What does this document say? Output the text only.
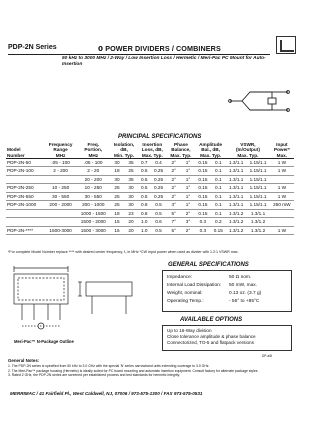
PDP-2N Series	0 POWER DIVIDERS / COMBINERS
50 kHz to 3000 MHz / 2-Way / Low Insertion Loss / Hermetic / Meri-Pac PC Mount for Auto-Insertion
PRINCIPAL SPECIFICATIONS
Model
Number	Frequency
Range
MHz	Freq.
Portion,
MHz	Isolation,
dB,
Min. Typ.		Insertion
Loss, dB,
Max. Typ.		Phase
Balance,
Max. Typ.		Amplitude
Bal., dB,
Max. Typ.		VSWR,
(In/Output)
Max. Typ.		Input
Power*
Max.
PDP-2N-50	.05 - 100	.05 - 100	30	35	0.7	0.4	2°	1°	0.15	0.1	1.3/1.1	1.15/1.1	1 W
PDP-2N-100	2 - 200	2 - 20	18	25	0.5	0.25	2°	1°	0.15	0.1	1.3/1.1	1.15/1.1	1 W
		20 - 200	30	35	0.5	0.25	2°	1°	0.15	0.1	1.3/1.1	1.15/1.1	
PDP-2N-250	10 - 250	10 - 250	25	30	0.5	0.25	2°	1°	0.15	0.1	1.3/1.1	1.15/1.1	1 W
PDP-2N-550	30 - 550	30 - 550	25	30	0.5	0.25	2°	1°	0.15	0.1	1.3/1.1	1.15/1.1	1 W
PDP-2N-1000	200 - 2000	200 - 1000	25	30	0.8	0.5	3°	1°	0.15	0.1	1.3/1.1	1.15/1.1	250 mW
		1000 - 1500	18	23	0.8	0.5	5°	2°	0.15	0.1	1.3/1.2	1.3/1.1	
		1500 - 2000	15	20	1.0	0.6	7°	3°	0.3	0.2	1.3/1.2	1.3/1.2	
PDP-2N-****	1500-3000	1500 - 3000	15	20	1.0	0.5	5°	2°	0.3	0.15	1.3/1.2	1.3/1.2	1 W
*For complete Model Number replace **** with desired center frequency, f₀ in MHz *CW Input power when used as divider with 1.2:1 VSWR max.
Meri-Pac™ N-Package Outline
GENERAL SPECIFICATIONS
Impedance:	50 Ω nom.
Internal Load Dissipation:	50 mW, max.
Weight, nominal:	0.13 oz. (3.7 g)
Operating Temp.:	- 55° to +85°C
AVAILABLE OPTIONS
Up to 16-Way division
Close tolerance amplitude & phase balance
Connectorized, TO-5 and flatpack versions
DP-a/8
General Notes:
1. The PDP-2N series is specified from 50 kHz to 3.0 GHz with the special 'N' series narrowband units extending coverage to 3.0 GHz.
2. The Meri-Pac™ package housing (Hermetic) is ideally suited for PC board mounting and automatic insertion equipment. Consult factory for alternate package styles.
3. Rated 2 GHz, the PDP-2N series are screened per established process and test standards for hermetic integrity.
MERRIMAC / 41 Fairfield Pl., West Caldwell, NJ, 07006 / 973-575-1300 / FAX 973-575-0531
